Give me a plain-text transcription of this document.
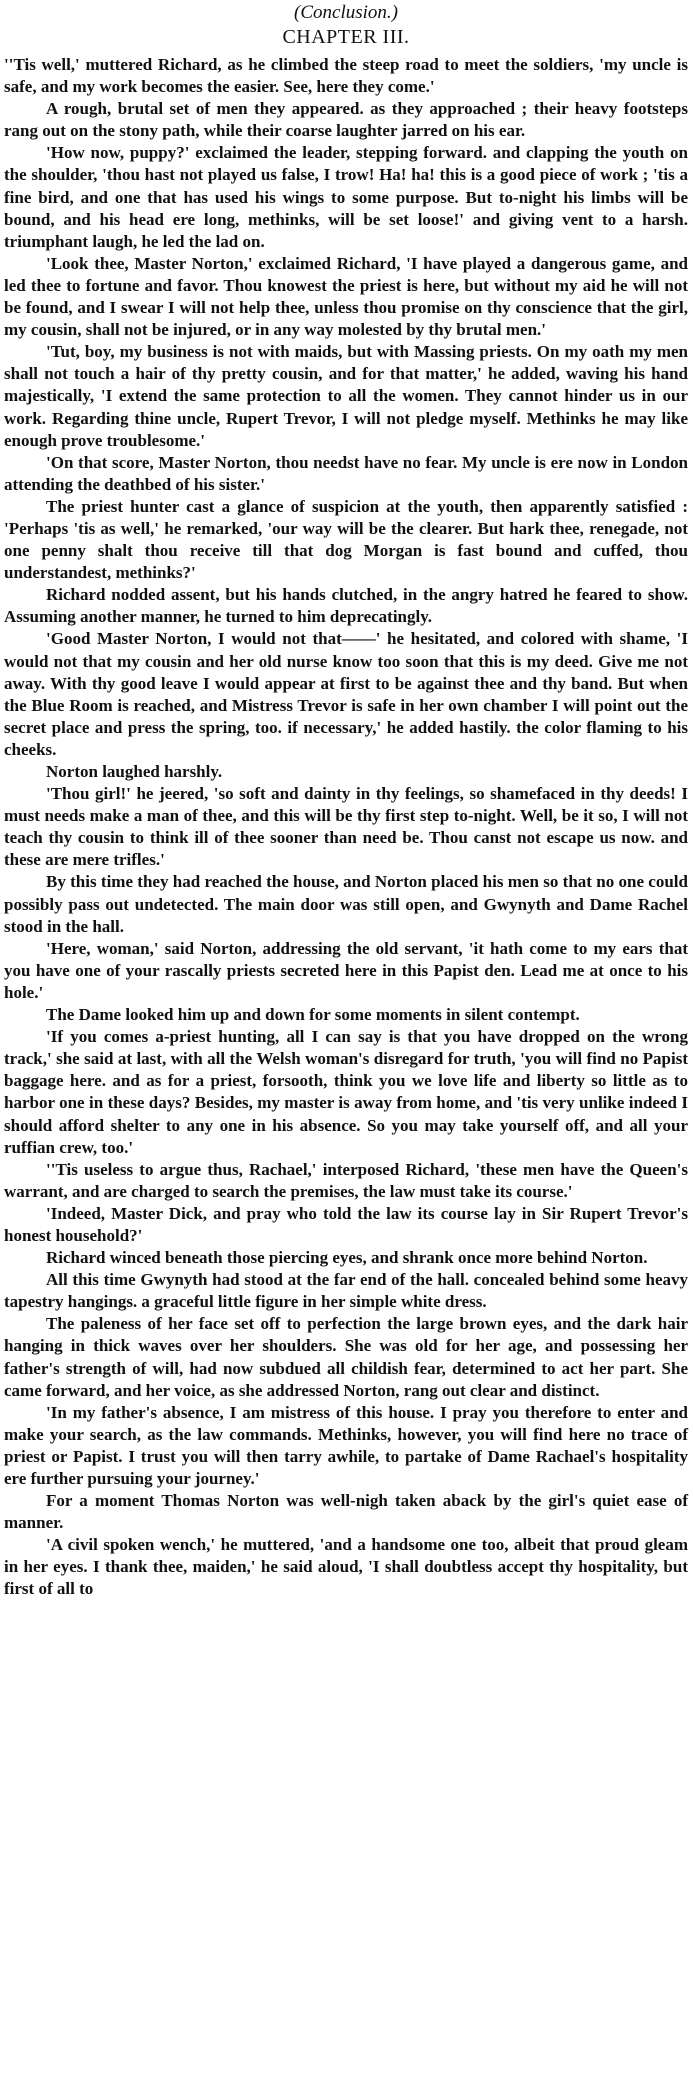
(Conclusion.)

CHAPTER III.

''Tis well,' muttered Richard, as he climbed the steep road to meet the soldiers, 'my uncle is safe, and my work becomes the easier. See, here they come.'

A rough, brutal set of men they appeared. as they approached ; their heavy footsteps rang out on the stony path, while their coarse laughter jarred on his ear.

'How now, puppy?' exclaimed the leader, stepping forward. and clapping the youth on the shoulder, 'thou hast not played us false, I trow! Ha! ha! this is a good piece of work ; 'tis a fine bird, and one that has used his wings to some purpose. But to-night his limbs will be bound, and his head ere long, methinks, will be set loose!' and giving vent to a harsh. triumphant laugh, he led the lad on.

'Look thee, Master Norton,' exclaimed Richard, 'I have played a dangerous game, and led thee to fortune and favor. Thou knowest the priest is here, but without my aid he will not be found, and I swear I will not help thee, unless thou promise on thy conscience that the girl, my cousin, shall not be injured, or in any way molested by thy brutal men.'

'Tut, boy, my business is not with maids, but with Massing priests. On my oath my men shall not touch a hair of thy pretty cousin, and for that matter,' he added, waving his hand majestically, 'I extend the same protection to all the women. They cannot hinder us in our work. Regarding thine uncle, Rupert Trevor, I will not pledge myself. Methinks he may like enough prove troublesome.'

'On that score, Master Norton, thou needst have no fear. My uncle is ere now in London attending the deathbed of his sister.'

The priest hunter cast a glance of suspicion at the youth, then apparently satisfied : 'Perhaps 'tis as well,' he remarked, 'our way will be the clearer. But hark thee, renegade, not one penny shalt thou receive till that dog Morgan is fast bound and cuffed, thou understandest, methinks?'

Richard nodded assent, but his hands clutched, in the angry hatred he feared to show. Assuming another manner, he turned to him deprecatingly.

'Good Master Norton, I would not that——' he hesitated, and colored with shame, 'I would not that my cousin and her old nurse know too soon that this is my deed. Give me not away. With thy good leave I would appear at first to be against thee and thy band. But when the Blue Room is reached, and Mistress Trevor is safe in her own chamber I will point out the secret place and press the spring, too. if necessary,' he added hastily. the color flaming to his cheeks.

Norton laughed harshly.

'Thou girl!' he jeered, 'so soft and dainty in thy feelings, so shamefaced in thy deeds! I must needs make a man of thee, and this will be thy first step to-night. Well, be it so, I will not teach thy cousin to think ill of thee sooner than need be. Thou canst not escape us now. and these are mere trifles.'

By this time they had reached the house, and Norton placed his men so that no one could possibly pass out undetected. The main door was still open, and Gwynyth and Dame Rachel stood in the hall.

'Here, woman,' said Norton, addressing the old servant, 'it hath come to my ears that you have one of your rascally priests secreted here in this Papist den. Lead me at once to his hole.'

The Dame looked him up and down for some moments in silent contempt.

'If you comes a-priest hunting, all I can say is that you have dropped on the wrong track,' she said at last, with all the Welsh woman's disregard for truth, 'you will find no Papist baggage here. and as for a priest, forsooth, think you we love life and liberty so little as to harbor one in these days? Besides, my master is away from home, and 'tis very unlike indeed I should afford shelter to any one in his absence. So you may take yourself off, and all your ruffian crew, too.'

''Tis useless to argue thus, Rachael,' interposed Richard, 'these men have the Queen's warrant, and are charged to search the premises, the law must take its course.'

'Indeed, Master Dick, and pray who told the law its course lay in Sir Rupert Trevor's honest household?'

Richard winced beneath those piercing eyes, and shrank once more behind Norton.

All this time Gwynyth had stood at the far end of the hall. concealed behind some heavy tapestry hangings. a graceful little figure in her simple white dress.

The paleness of her face set off to perfection the large brown eyes, and the dark hair hanging in thick waves over her shoulders. She was old for her age, and possessing her father's strength of will, had now subdued all childish fear, determined to act her part. She came forward, and her voice, as she addressed Norton, rang out clear and distinct.

'In my father's absence, I am mistress of this house. I pray you therefore to enter and make your search, as the law commands. Methinks, however, you will find here no trace of priest or Papist. I trust you will then tarry awhile, to partake of Dame Rachael's hospitality ere further pursuing your journey.'

For a moment Thomas Norton was well-nigh taken aback by the girl's quiet ease of manner.

'A civil spoken wench,' he muttered, 'and a handsome one too, albeit that proud gleam in her eyes. I thank thee, maiden,' he said aloud, 'I shall doubtless accept thy hospitality, but first of all to
